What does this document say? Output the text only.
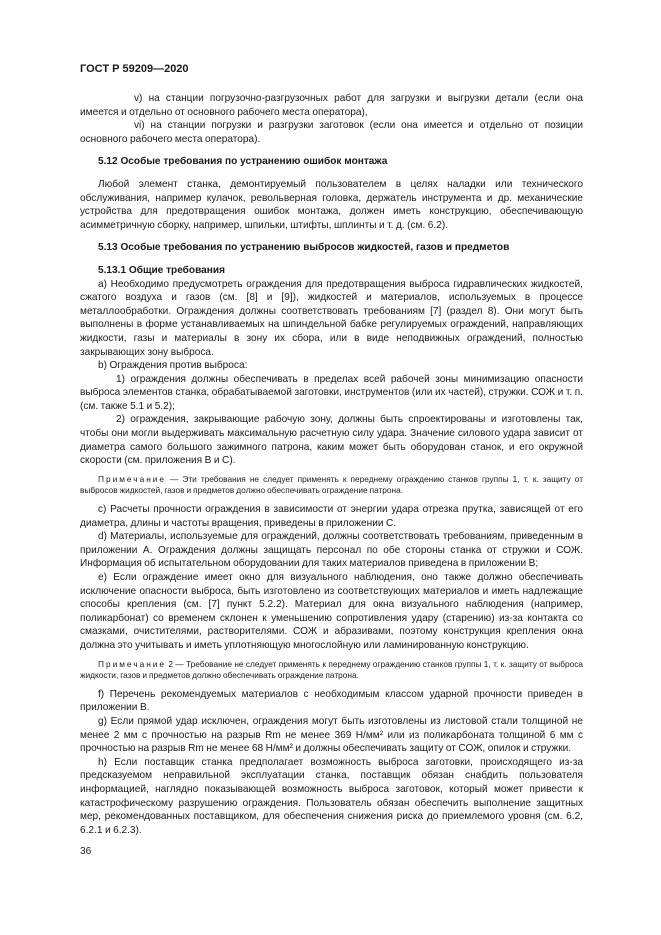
ГОСТ Р 59209—2020

v) на станции погрузочно-разгрузочных работ для загрузки и выгрузки детали (если она имеется и отдельно от основного рабочего места оператора),

vi) на станции погрузки и разгрузки заготовок (если она имеется и отдельно от позиции основного рабочего места оператора).

5.12 Особые требования по устранению ошибок монтажа

Любой элемент станка, демонтируемый пользователем в целях наладки или технического обслуживания, например кулачок, револьверная головка, держатель инструмента и др. механические устройства для предотвращения ошибок монтажа, должен иметь конструкцию, обеспечивающую асимметричную сборку, например, шпильки, штифты, шплинты и т. д. (см. 6.2).

5.13 Особые требования по устранению выбросов жидкостей, газов и предметов
5.13.1 Общие требования

a) Необходимо предусмотреть ограждения для предотвращения выброса гидравлических жидкостей, сжатого воздуха и газов (см. [8] и [9]), жидкостей и материалов, используемых в процессе металлообработки. Ограждения должны соответствовать требованиям [7] (раздел 8). Они могут быть выполнены в форме устанавливаемых на шпиндельной бабке регулируемых ограждений, направляющих жидкости, газы и материалы в зону их сбора, или в виде неподвижных ограждений, полностью закрывающих зону выброса.

b) Ограждения против выброса:

1) ограждения должны обеспечивать в пределах всей рабочей зоны минимизацию опасности выброса элементов станка, обрабатываемой заготовки, инструментов (или их частей), стружки. СОЖ и т. п. (см. также 5.1 и 5.2);

2) ограждения, закрывающие рабочую зону, должны быть спроектированы и изготовлены так, чтобы они могли выдерживать максимальную расчетную силу удара. Значение силового удара зависит от диаметра самого большого зажимного патрона, каким может быть оборудован станок, и его окружной скорости (см. приложения B и C).

Примечание — Эти требования не следует применять к переднему ограждению станков группы 1, т. к. защиту от выбросов жидкостей, газов и предметов должно обеспечивать ограждение патрона.

c) Расчеты прочности ограждения в зависимости от энергии удара отрезка прутка, зависящей от его диаметра, длины и частоты вращения, приведены в приложении C.

d) Материалы, используемые для ограждений, должны соответствовать требованиям, приведенным в приложении A. Ограждения должны защищать персонал по обе стороны станка от стружки и СОЖ. Информация об испытательном оборудовании для таких материалов приведена в приложении B;

e) Если ограждение имеет окно для визуального наблюдения, оно также должно обеспечивать исключение опасности выброса, быть изготовлено из соответствующих материалов и иметь надлежащие способы крепления (см. [7] пункт 5.2.2). Материал для окна визуального наблюдения (например, поликарбонат) со временем склонен к уменьшению сопротивления удару (старению) из-за контакта со смазками, очистителями, растворителями. СОЖ и абразивами, поэтому конструкция крепления окна должна это учитывать и иметь уплотняющую многослойную или ламинированную конструкцию.

Примечание 2 — Требование не следует применять к переднему ограждению станков группы 1, т. к. защиту от выброса жидкости, газов и предметов должно обеспечивать ограждение патрона.

f) Перечень рекомендуемых материалов с необходимым классом ударной прочности приведен в приложении B.

g) Если прямой удар исключен, ограждения могут быть изготовлены из листовой стали толщиной не менее 2 мм с прочностью на разрыв Rm не менее 369 Н/мм² или из поликарбоната толщиной 6 мм с прочностью на разрыв Rm не менее 68 Н/мм² и должны обеспечивать защиту от СОЖ, опилок и стружки.

h) Если поставщик станка предполагает возможность выброса заготовки, происходящего из-за предсказуемом неправильной эксплуатации станка, поставщик обязан снабдить пользователя информацией, наглядно показывающей возможность выброса заготовок, который может привести к катастрофическому разрушению ограждения. Пользователь обязан обеспечить выполнение защитных мер, рекомендованных поставщиком, для обеспечения снижения риска до приемлемого уровня (см. 6.2, 6.2.1 и 6.2.3).

36
